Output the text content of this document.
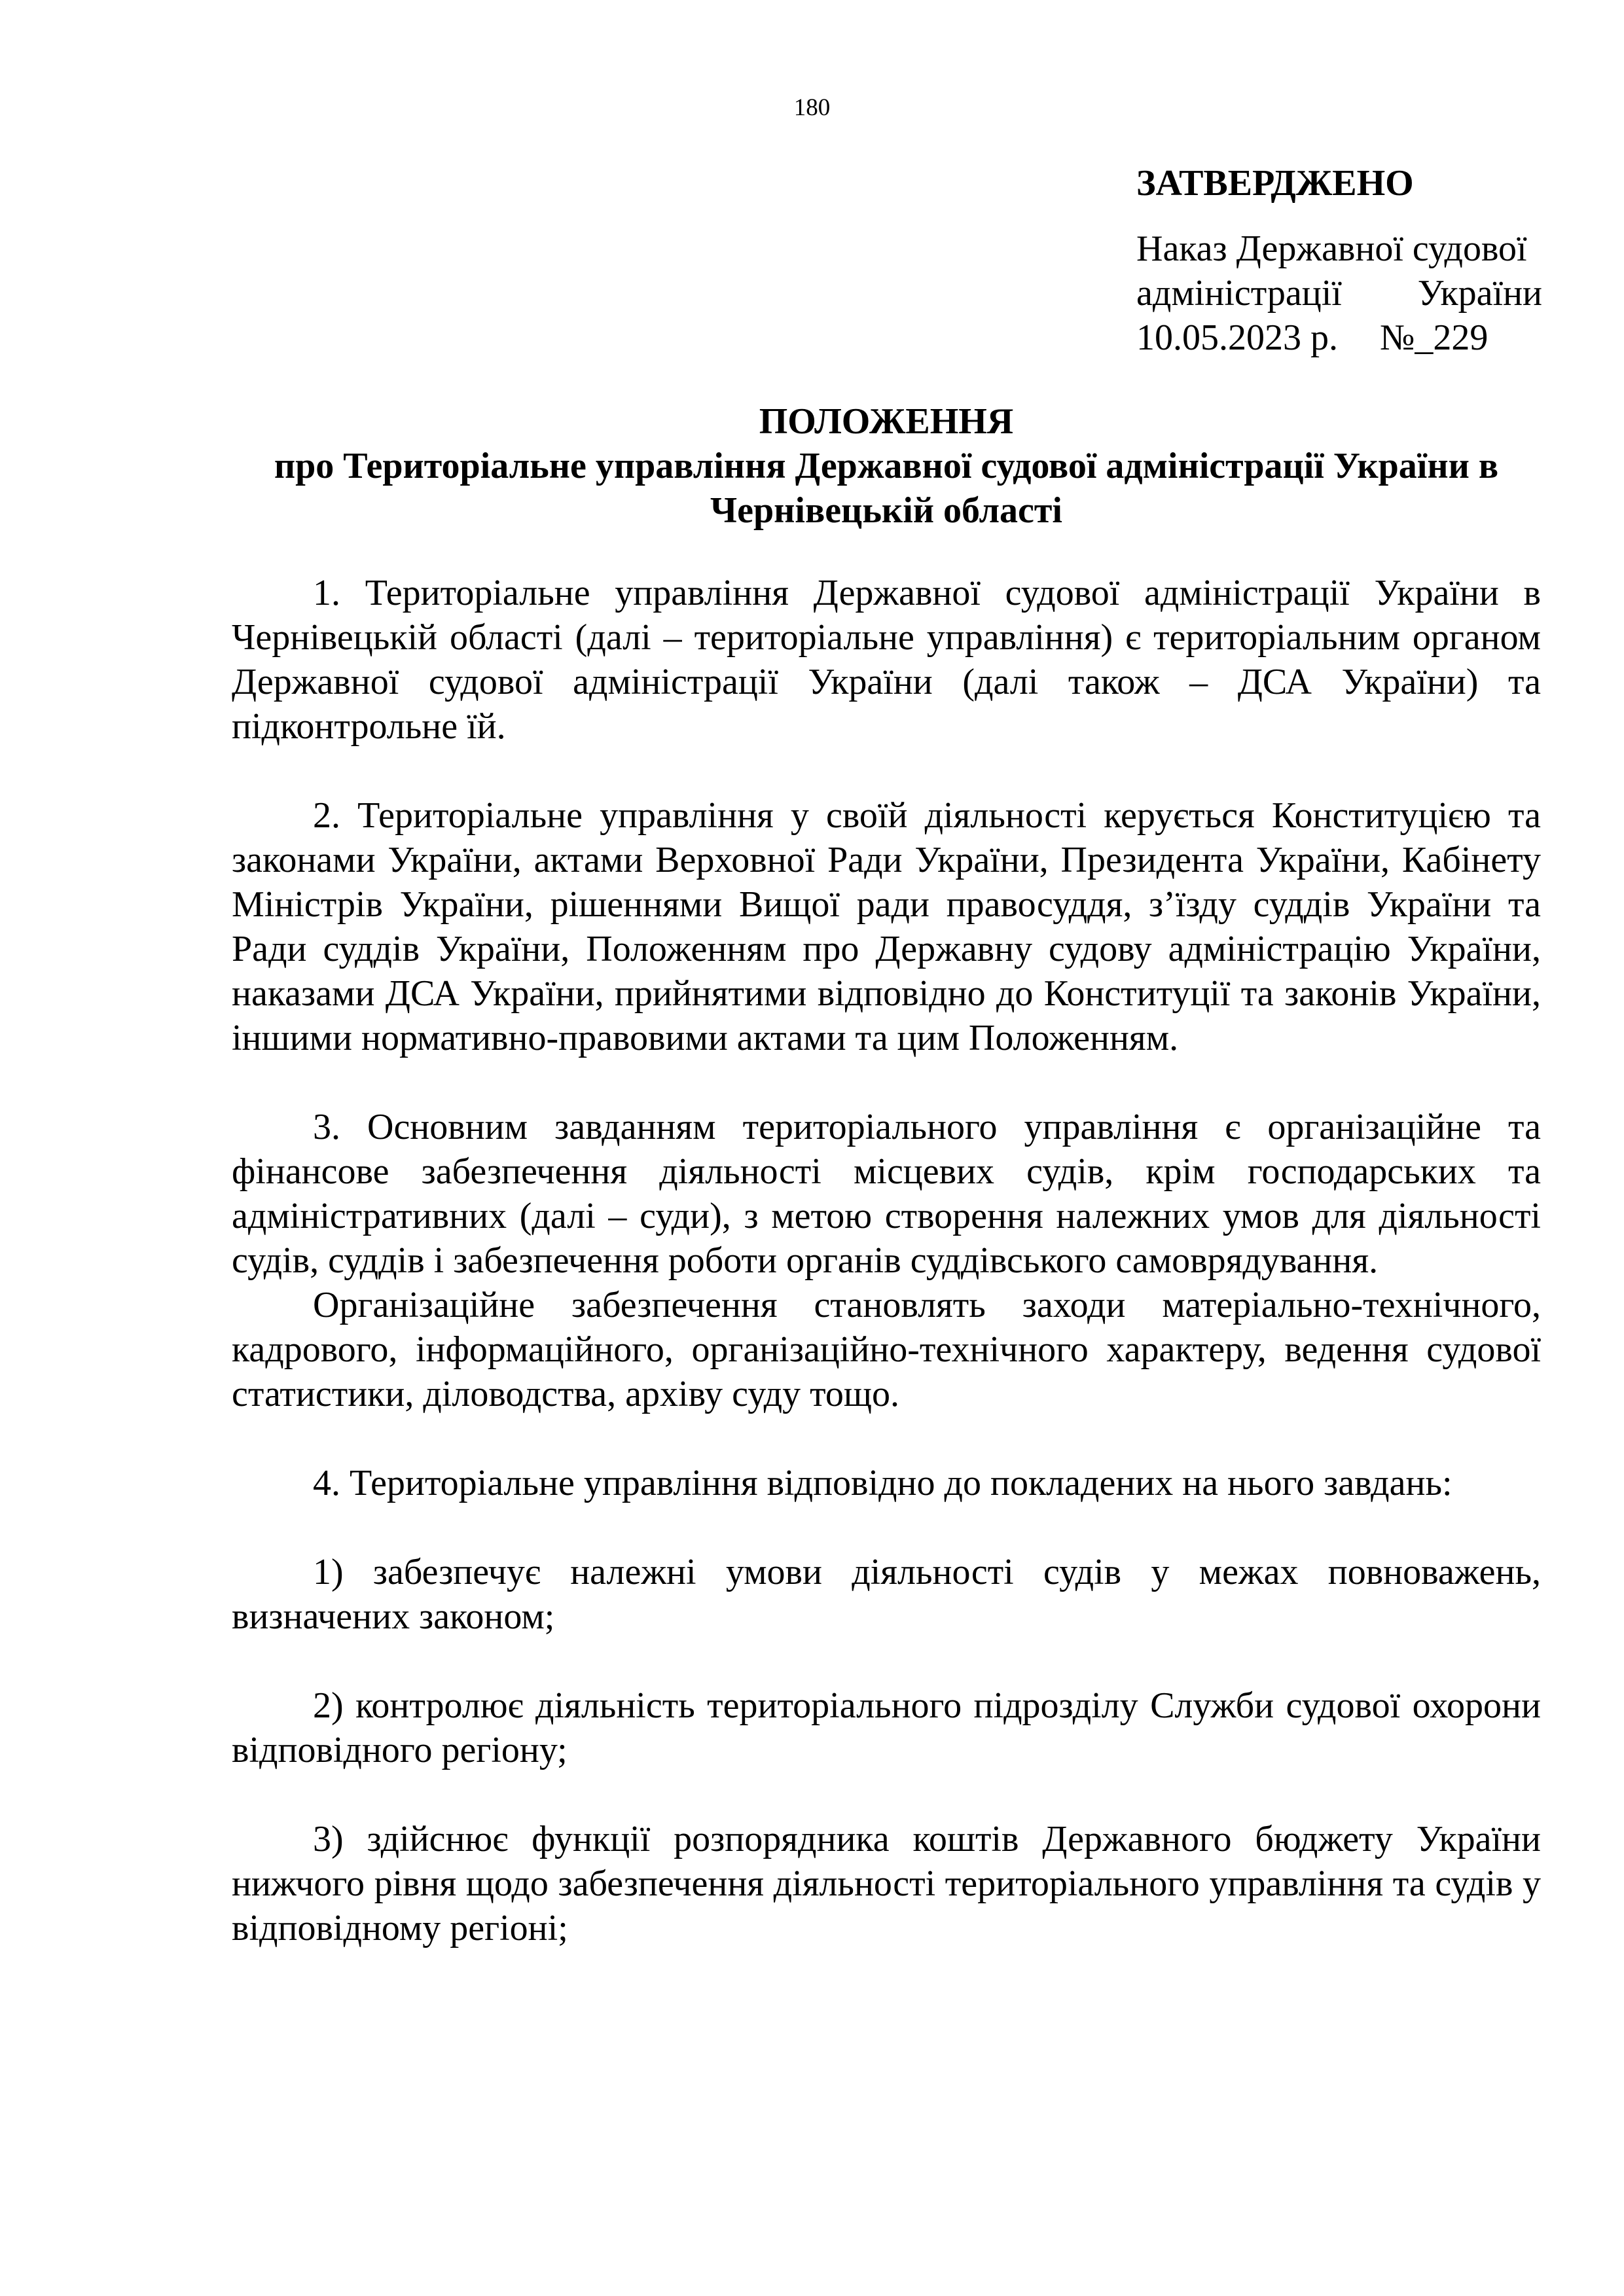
180
ЗАТВЕРДЖЕНО
Наказ Державної судової
адміністрації України
10.05.2023 р. №_229
ПОЛОЖЕННЯ
про Територіальне управління Державної судової адміністрації України в Чернівецькій області

1. Територіальне управління Державної судової адміністрації України в Чернівецькій області (далі – територіальне управління) є територіальним органом Державної судової адміністрації України (далі також – ДСА України) та підконтрольне їй.

2. Територіальне управління у своїй діяльності керується Конституцією та законами України, актами Верховної Ради України, Президента України, Кабінету Міністрів України, рішеннями Вищої ради правосуддя, з’їзду суддів України та Ради суддів України, Положенням про Державну судову адміністрацію України, наказами ДСА України, прийнятими відповідно до Конституції та законів України, іншими нормативно-правовими актами та цим Положенням.

3. Основним завданням територіального управління є організаційне та фінансове забезпечення діяльності місцевих судів, крім господарських та адміністративних (далі – суди), з метою створення належних умов для діяльності судів, суддів і забезпечення роботи органів суддівського самоврядування.

Організаційне забезпечення становлять заходи матеріально-технічного, кадрового, інформаційного, організаційно-технічного характеру, ведення судової статистики, діловодства, архіву суду тощо.

4. Територіальне управління відповідно до покладених на нього завдань:

1) забезпечує належні умови діяльності судів у межах повноважень, визначених законом;

2) контролює діяльність територіального підрозділу Служби судової охорони відповідного регіону;

3) здійснює функції розпорядника коштів Державного бюджету України нижчого рівня щодо забезпечення діяльності територіального управління та судів у відповідному регіоні;
